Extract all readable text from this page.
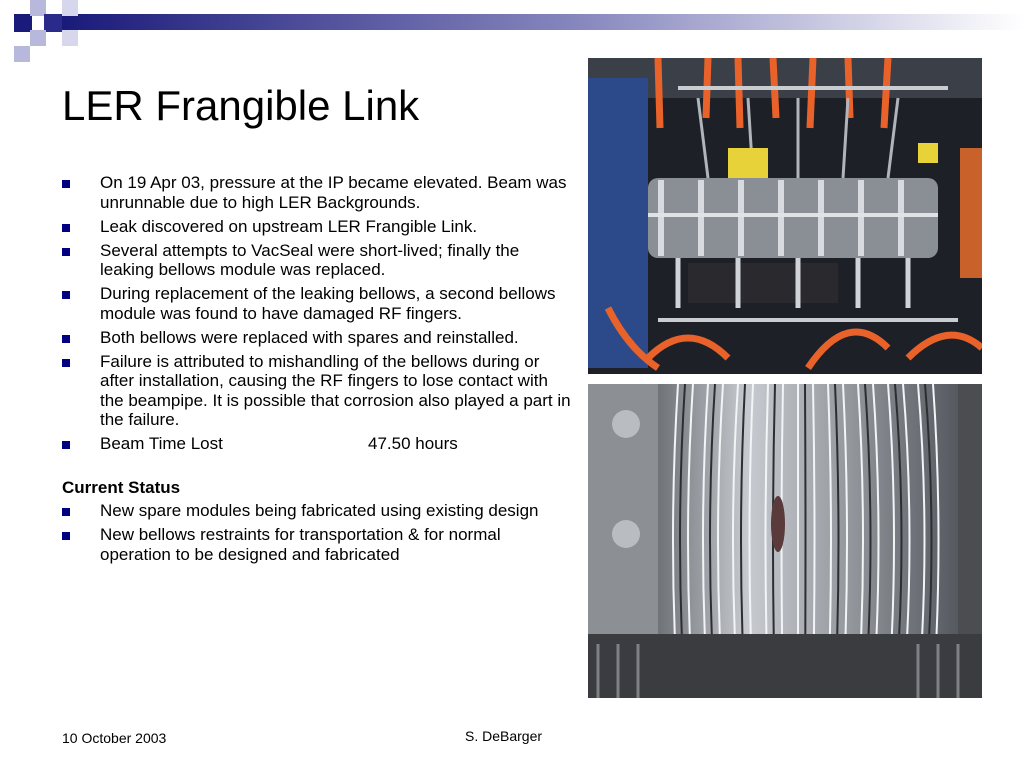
LER Frangible Link
On 19 Apr 03, pressure at the IP became elevated. Beam was unrunnable due to high LER Backgrounds.
Leak discovered on upstream LER Frangible Link.
Several attempts to VacSeal were short-lived; finally the leaking bellows module was replaced.
During replacement of the leaking bellows, a second bellows module was found to have damaged RF fingers.
Both bellows were replaced with spares and reinstalled.
Failure is attributed to mishandling of the bellows during or after installation, causing the RF fingers to lose contact with the beampipe. It is possible that corrosion also played a part in the failure.
Beam Time Lost	47.50 hours
Current Status
New spare modules being fabricated using existing design
New bellows restraints for transportation & for normal operation to be designed and fabricated
10 October 2003	S. DeBarger
